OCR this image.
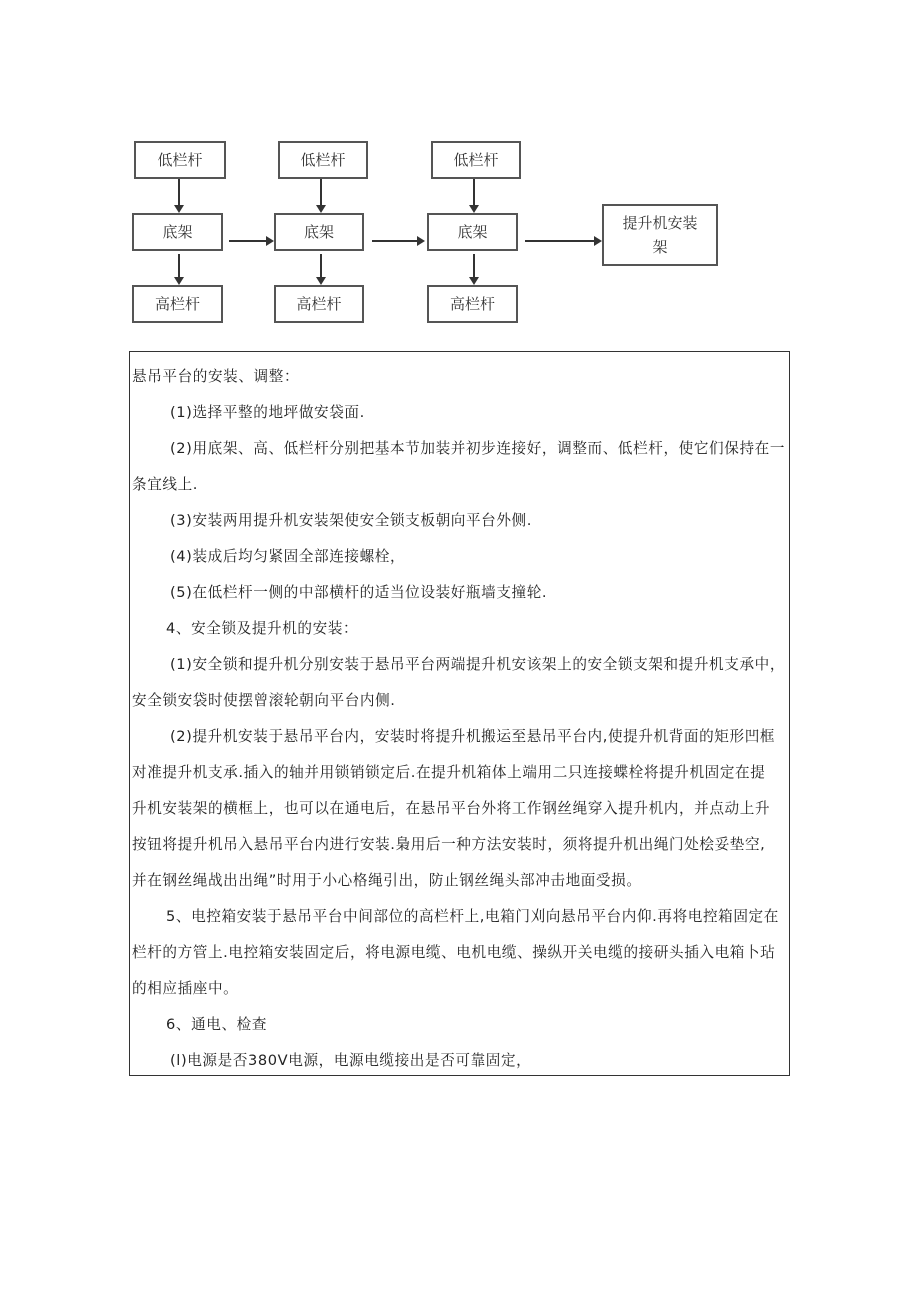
低栏杆
底架
高栏杆
低栏杆
底架
高栏杆
低栏杆
底架
高栏杆
提升机安装架
悬吊平台的安装、调整：
(1)选择平整的地坪做安袋面.
(2)用底架、高、低栏杆分别把基本节加装并初步连接好，调整而、低栏杆，使它们保持在一
条宜线上.
(3)安装两用提升机安装架使安全锁支板朝向平台外侧.
(4)装成后均匀紧固全部连接螺栓，
(5)在低栏杆一侧的中部横杆的适当位设装好瓶墙支撞轮.
4、安全锁及提升机的安装：
(1)安全锁和提升机分别安装于悬吊平台两端提升机安该架上的安全锁支架和提升机支承中，
安全锁安袋时使摆曾滚轮朝向平台内侧.
(2)提升机安装于悬吊平台内，安装时将提升机搬运至悬吊平台内,使提升机背面的矩形凹框
对准提升机支承.插入的轴并用锁销锁定后.在提升机箱体上端用二只连接蝶栓将提升机固定在提
升机安装架的横框上，也可以在通电后，在悬吊平台外将工作钢丝绳穿入提升机内，并点动上升
按钮将提升机吊入悬吊平台内进行安装.梟用后一种方法安装时，须将提升机出绳门处桧妥垫空,
并在钢丝绳战出出绳”时用于小心格绳引出，防止钢丝绳头部冲击地面受损。
5、电控箱安装于悬吊平台中间部位的高栏杆上,电箱门刈向悬吊平台内仰.再将电控箱固定在
栏杆的方管上.电控箱安装固定后，将电源电缆、电机电缆、操纵开关电缆的接研头插入电箱卜玷
的相应插座中。
6、通电、检查
(l)电源是否380V电源，电源电缆接出是否可靠固定，
